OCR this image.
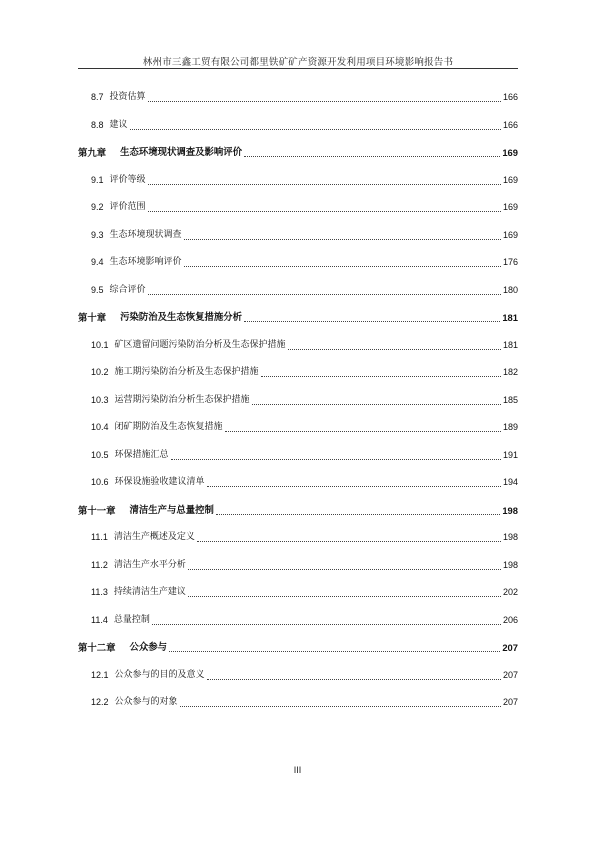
林州市三鑫工贸有限公司都里铁矿矿产资源开发利用项目环境影响报告书
8.7 投资估算	166
8.8 建议	166
第九章 生态环境现状调查及影响评价	169
9.1 评价等级	169
9.2 评价范围	169
9.3 生态环境现状调查	169
9.4 生态环境影响评价	176
9.5 综合评价	180
第十章 污染防治及生态恢复措施分析	181
10.1 矿区遗留问题污染防治分析及生态保护措施	181
10.2 施工期污染防治分析及生态保护措施	182
10.3 运营期污染防治分析生态保护措施	185
10.4 闭矿期防治及生态恢复措施	189
10.5 环保措施汇总	191
10.6 环保设施验收建议清单	194
第十一章 清洁生产与总量控制	198
11.1 清洁生产概述及定义	198
11.2 清洁生产水平分析	198
11.3 持续清洁生产建议	202
11.4 总量控制	206
第十二章 公众参与	207
12.1 公众参与的目的及意义	207
12.2 公众参与的对象	207
III
